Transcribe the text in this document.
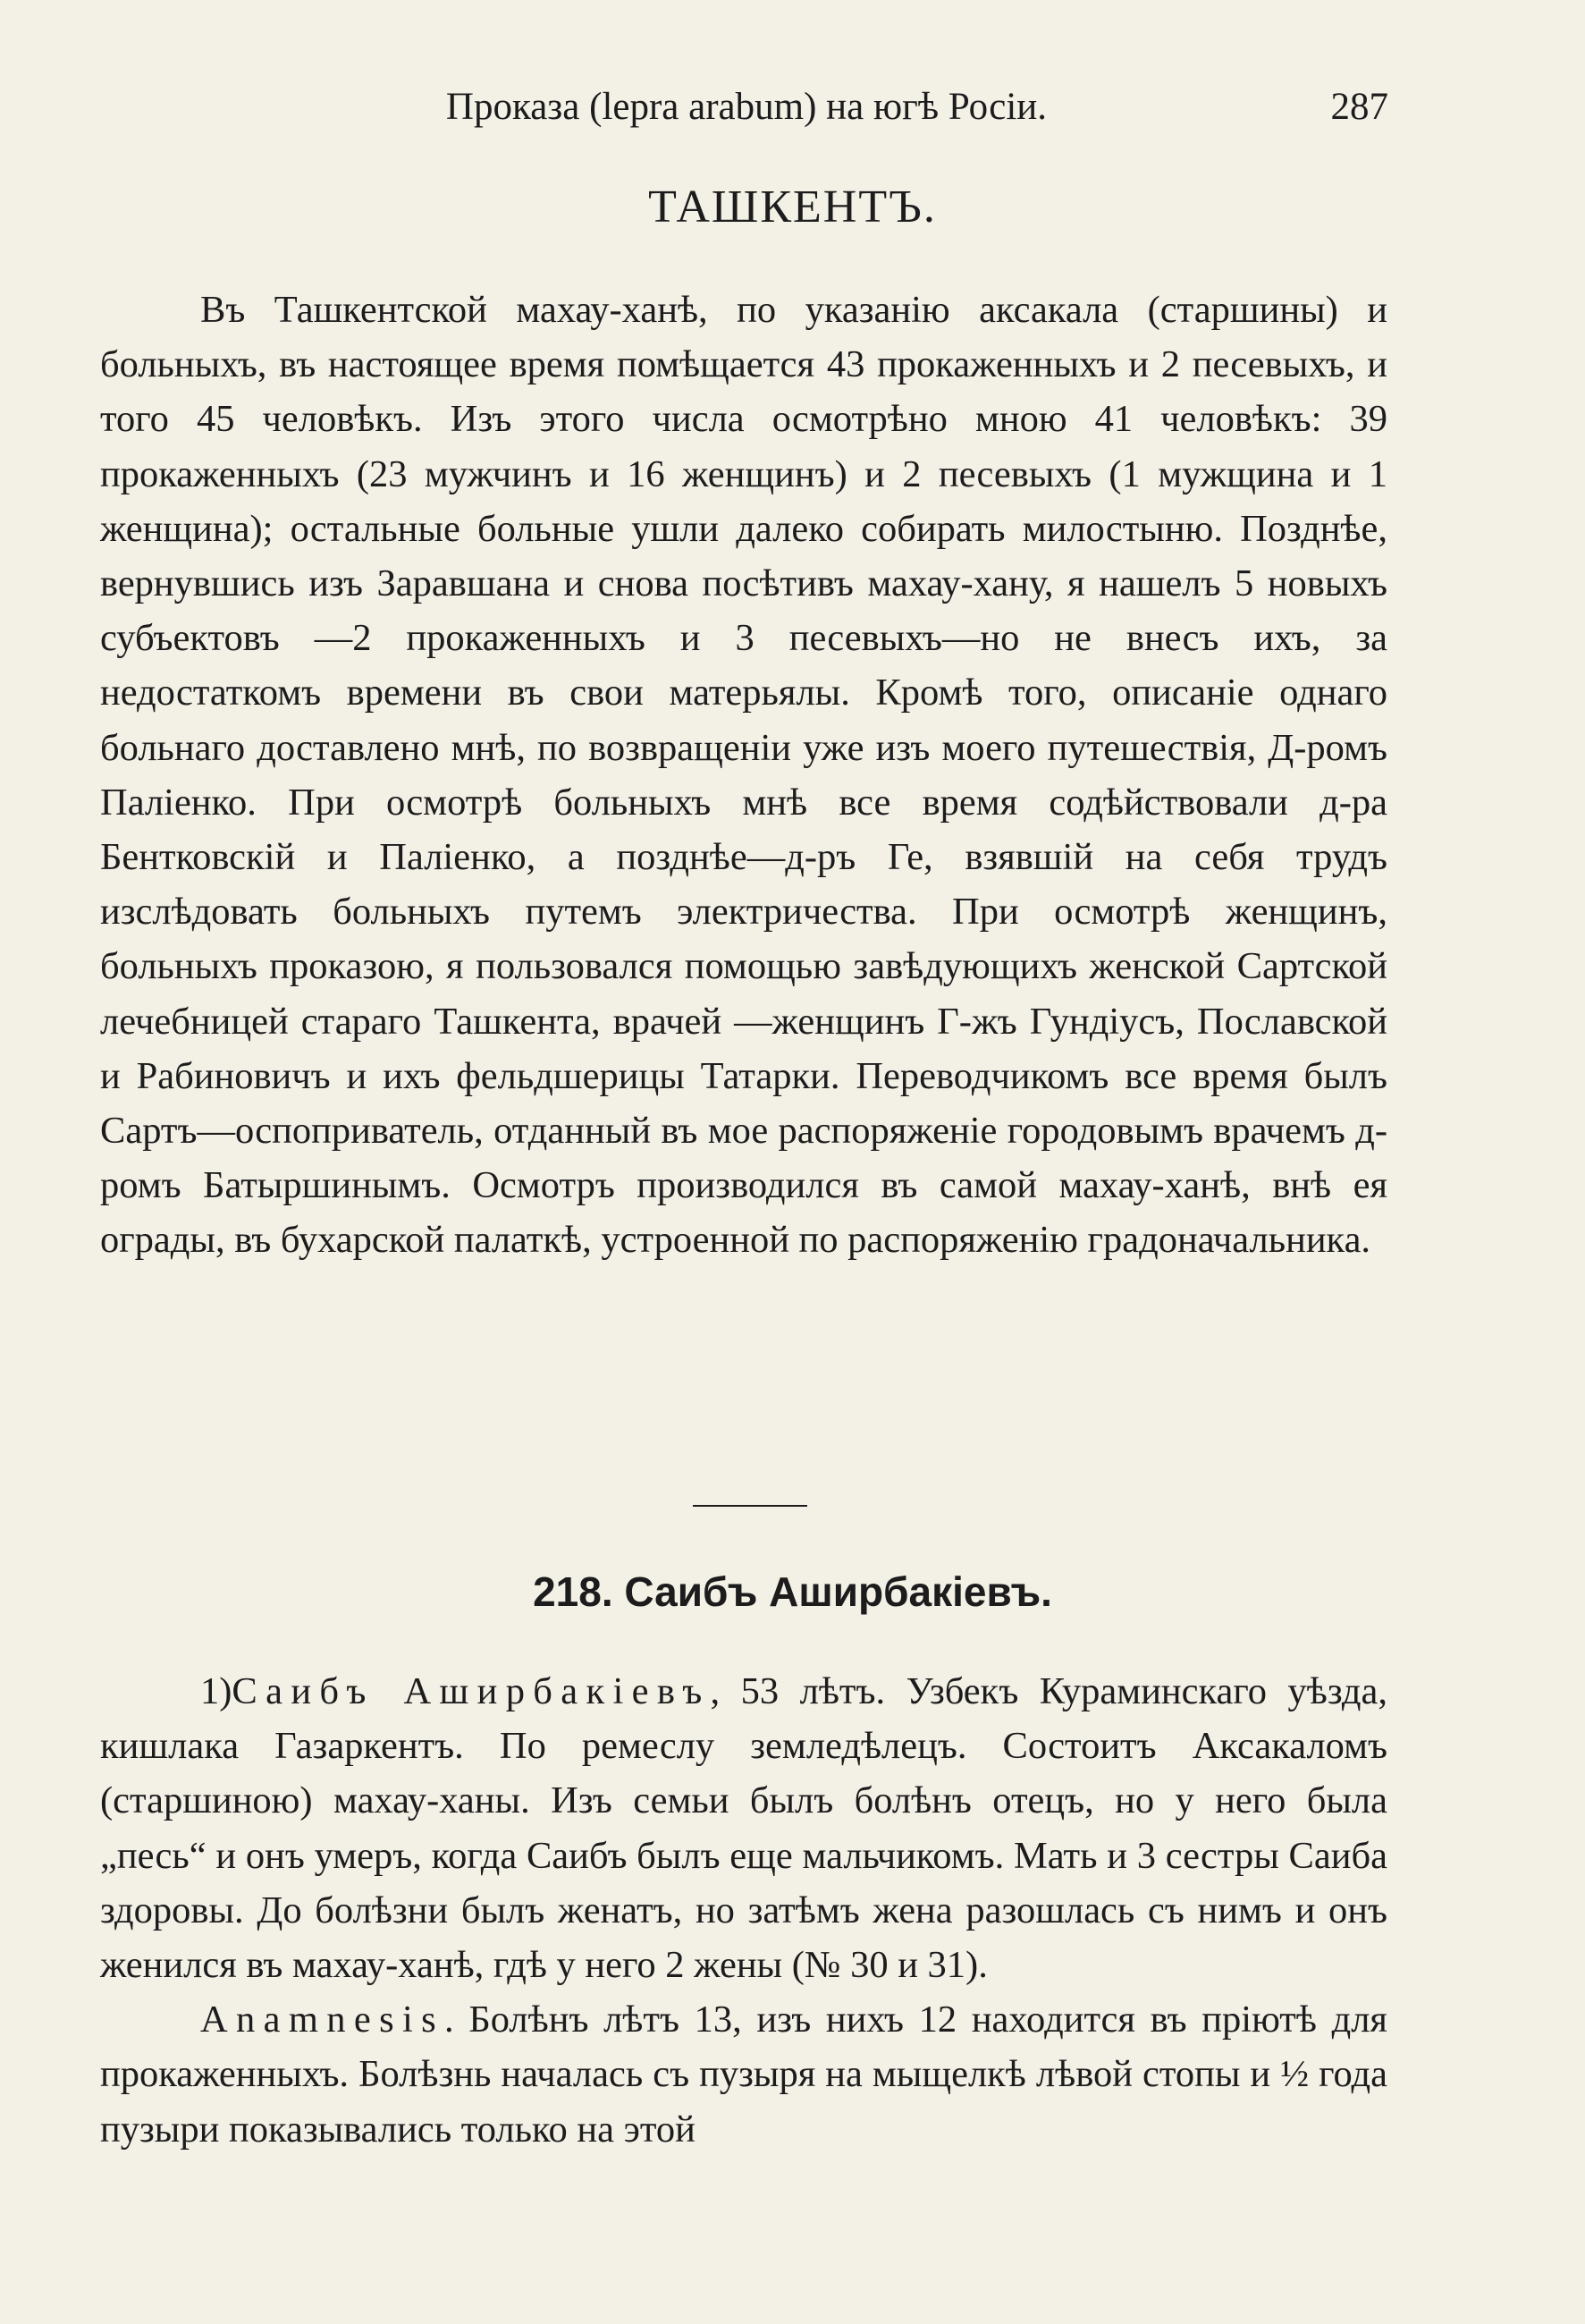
Проказа (lepra arabum) на югѣ Росіи.	287
ТАШКЕНТЪ.

Въ Ташкентской махау-ханѣ, по указанію аксакала (старшины) и больныхъ, въ настоящее время помѣщается 43 прокаженныхъ и 2 песевыхъ, и того 45 человѣкъ. Изъ этого числа осмотрѣно мною 41 человѣкъ: 39 прокаженныхъ (23 мужчинъ и 16 женщинъ) и 2 песевыхъ (1 мужщина и 1 женщина); остальные больные ушли далеко собирать милостыню. Позднѣе, вернувшись изъ Заравшана и снова посѣтивъ махау-хану, я нашелъ 5 новыхъ субъектовъ —2 прокаженныхъ и 3 песевыхъ—но не внесъ ихъ, за недостаткомъ времени въ свои матерьялы. Кромѣ того, описаніе однаго больнаго доставлено мнѣ, по возвращеніи уже изъ моего путешествія, Д-ромъ Паліенко. При осмотрѣ больныхъ мнѣ все время содѣйствовали д-ра Бентковскій и Паліенко, а позднѣе—д-ръ Ге, взявшій на себя трудъ изслѣдовать больныхъ путемъ электричества. При осмотрѣ женщинъ, больныхъ проказою, я пользовался помощью завѣдующихъ женской Сартской лечебницей стараго Ташкента, врачей —женщинъ Г-жъ Гундіусъ, Пославской и Рабиновичъ и ихъ фельдшерицы Татарки. Переводчикомъ все время былъ Сартъ—оспоприватель, отданный въ мое распоряженіе городовымъ врачемъ д-ромъ Батыршинымъ. Осмотръ производился въ самой махау-ханѣ, внѣ ея ограды, въ бухарской палаткѣ, устроенной по распоряженію градоначальника.

218. Саибъ Аширбакіевъ.

1)Саибъ Аширбакіевъ, 53 лѣтъ. Узбекъ Кураминскаго уѣзда, кишлака Газаркентъ. По ремеслу земледѣлецъ. Состоитъ Аксакаломъ (старшиною) махау-ханы. Изъ семьи былъ болѣнъ отецъ, но у него была „песь“ и онъ умеръ, когда Саибъ былъ еще мальчикомъ. Мать и 3 сестры Саиба здоровы. До болѣзни былъ женатъ, но затѣмъ жена разошлась съ нимъ и онъ женился въ махау-ханѣ, гдѣ у него 2 жены (№ 30 и 31).

Anamnesis. Болѣнъ лѣтъ 13, изъ нихъ 12 находится въ пріютѣ для прокаженныхъ. Болѣзнь началась съ пузыря на мыщелкѣ лѣвой стопы и ½ года пузыри показывались только на этой
